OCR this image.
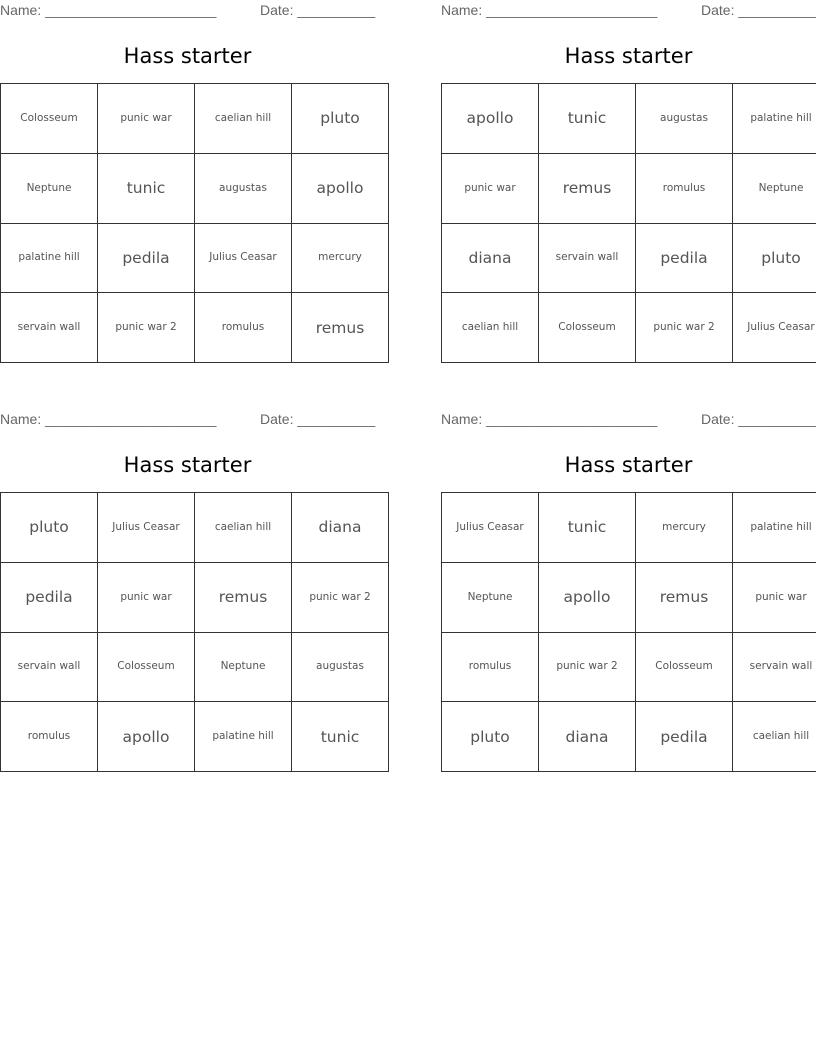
Name: ______________________	Date: __________
Hass starter
Colosseum	punic war	caelian hill	pluto
Neptune	tunic	augustas	apollo
palatine hill	pedila	Julius Ceasar	mercury
servain wall	punic war 2	romulus	remus
Name: ______________________	Date: __________
Hass starter
apollo	tunic	augustas	palatine hill
punic war	remus	romulus	Neptune
diana	servain wall	pedila	pluto
caelian hill	Colosseum	punic war 2	Julius Ceasar
Name: ______________________	Date: __________
Hass starter
pluto	Julius Ceasar	caelian hill	diana
pedila	punic war	remus	punic war 2
servain wall	Colosseum	Neptune	augustas
romulus	apollo	palatine hill	tunic
Name: ______________________	Date: __________
Hass starter
Julius Ceasar	tunic	mercury	palatine hill
Neptune	apollo	remus	punic war
romulus	punic war 2	Colosseum	servain wall
pluto	diana	pedila	caelian hill
